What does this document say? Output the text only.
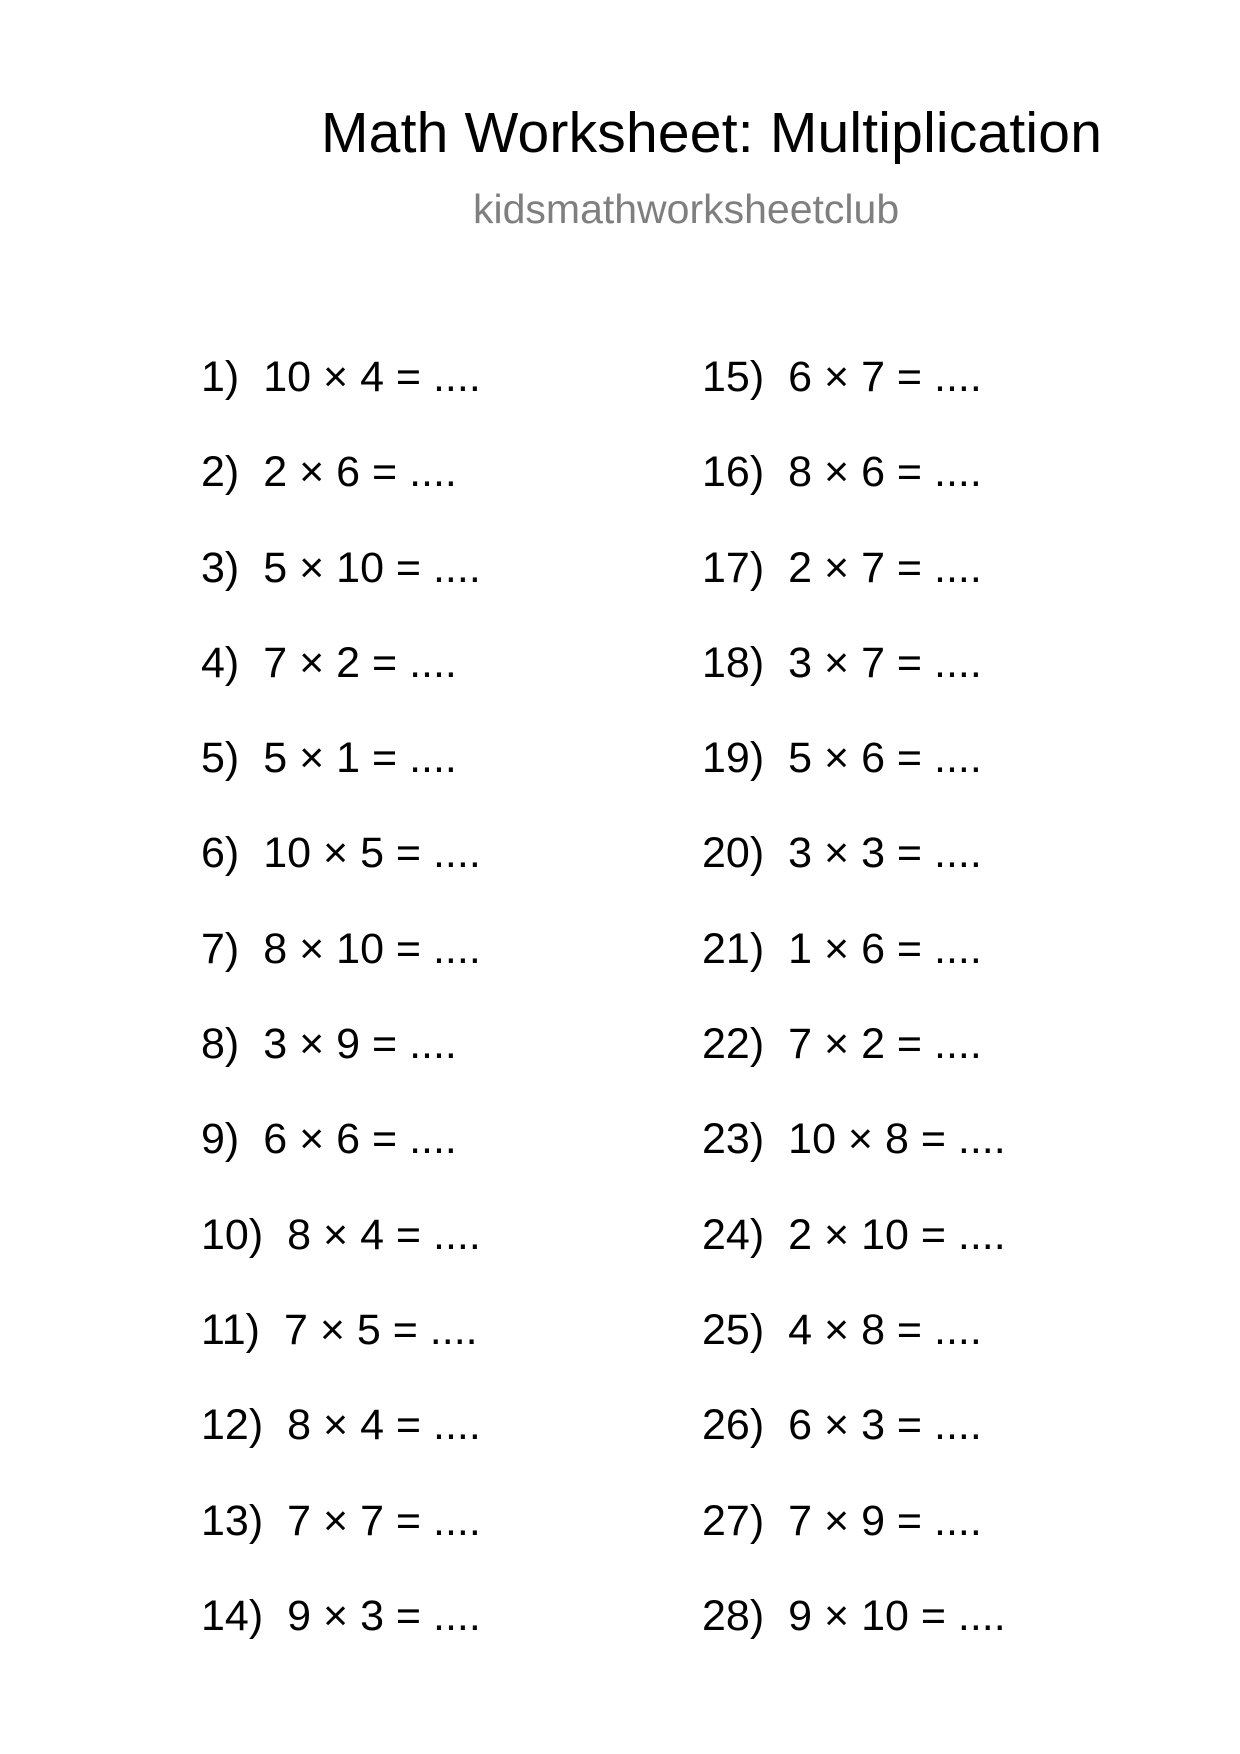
Math Worksheet: Multiplication
kidsmathworksheetclub
1) 10 × 4 = ....
2) 2 × 6 = ....
3) 5 × 10 = ....
4) 7 × 2 = ....
5) 5 × 1 = ....
6) 10 × 5 = ....
7) 8 × 10 = ....
8) 3 × 9 = ....
9) 6 × 6 = ....
10) 8 × 4 = ....
11) 7 × 5 = ....
12) 8 × 4 = ....
13) 7 × 7 = ....
14) 9 × 3 = ....
15) 6 × 7 = ....
16) 8 × 6 = ....
17) 2 × 7 = ....
18) 3 × 7 = ....
19) 5 × 6 = ....
20) 3 × 3 = ....
21) 1 × 6 = ....
22) 7 × 2 = ....
23) 10 × 8 = ....
24) 2 × 10 = ....
25) 4 × 8 = ....
26) 6 × 3 = ....
27) 7 × 9 = ....
28) 9 × 10 = ....
